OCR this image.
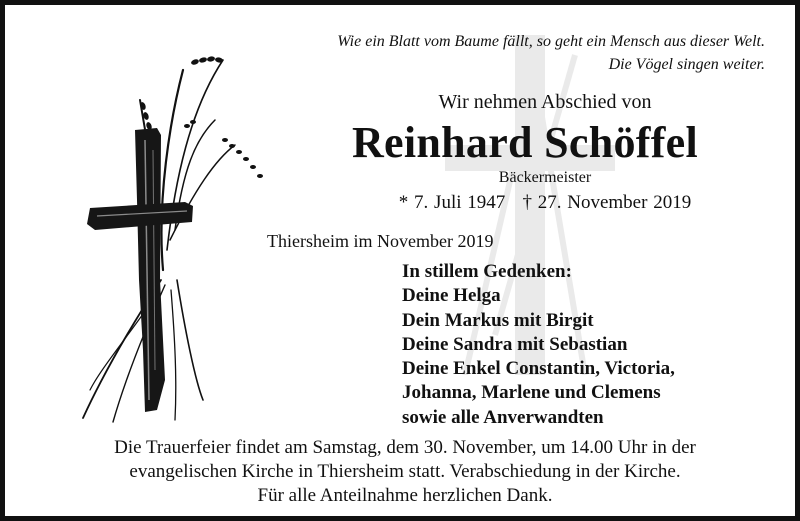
Wie ein Blatt vom Baume fällt, so geht ein Mensch aus dieser Welt.
Die Vögel singen weiter.
Wir nehmen Abschied von
Reinhard Schöffel
Bäckermeister
* 7. Juli 1947 † 27. November 2019
Thiersheim im November 2019
In stillem Gedenken:
Deine Helga
Dein Markus mit Birgit
Deine Sandra mit Sebastian
Deine Enkel Constantin, Victoria,
Johanna, Marlene und Clemens
sowie alle Anverwandten
Die Trauerfeier findet am Samstag, dem 30. November, um 14.00 Uhr in der
evangelischen Kirche in Thiersheim statt. Verabschiedung in der Kirche.
Für alle Anteilnahme herzlichen Dank.
